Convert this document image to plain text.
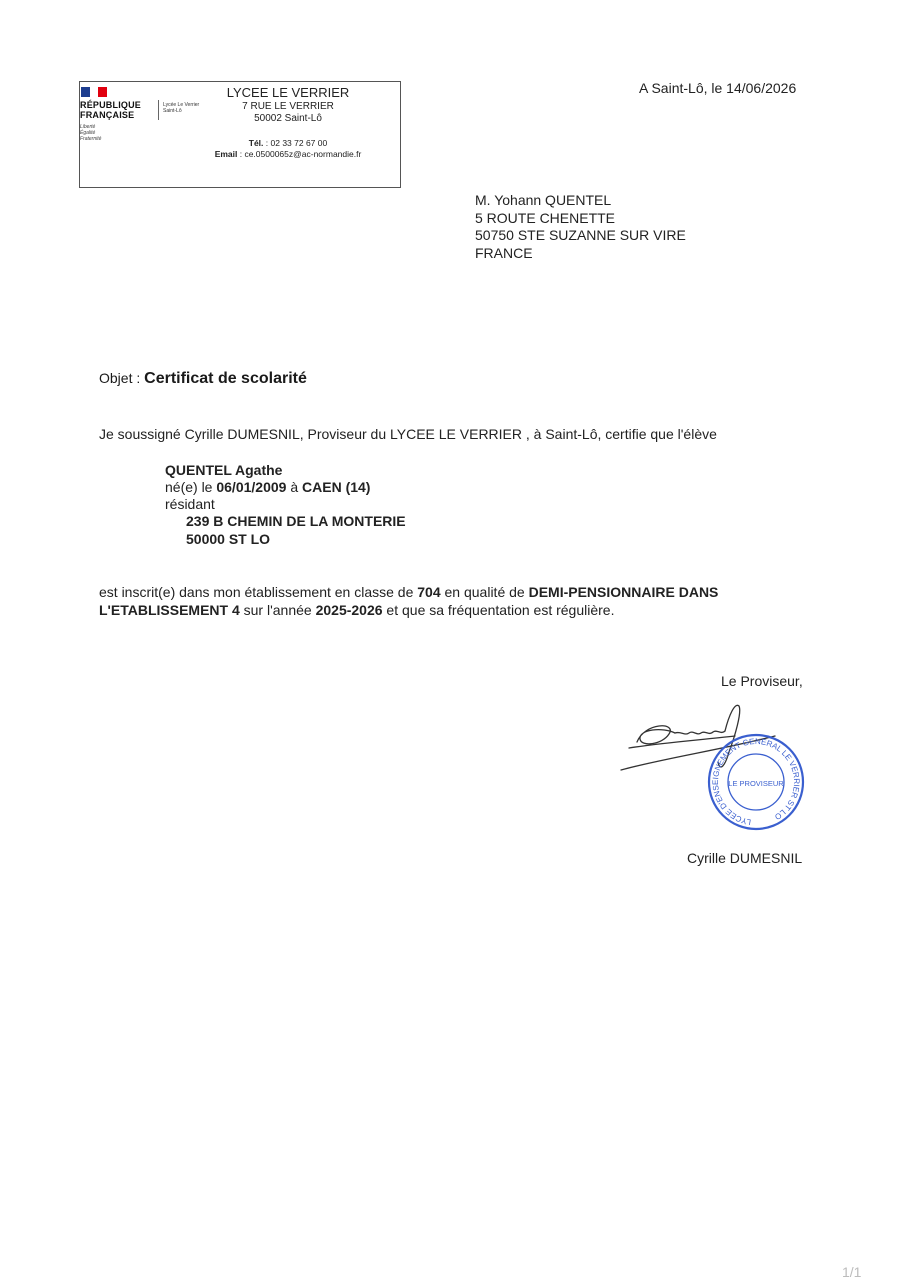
RÉPUBLIQUE
FRANÇAISE
Liberté
Égalité
Fraternité
Lycée Le Verrier
Saint-Lô
LYCEE LE VERRIER
7 RUE LE VERRIER
50002 Saint-Lô
Tél. : 02 33 72 67 00
Email : ce.0500065z@ac-normandie.fr
A Saint-Lô, le 14/06/2026
M. Yohann QUENTEL
5 ROUTE CHENETTE
50750 STE SUZANNE SUR VIRE
FRANCE
Objet : Certificat de scolarité
Je soussigné Cyrille DUMESNIL, Proviseur du LYCEE LE VERRIER , à Saint-Lô, certifie que l'élève
QUENTEL Agathe
né(e) le 06/01/2009 à CAEN (14)
résidant
239 B CHEMIN DE LA MONTERIE
50000 ST LO
est inscrit(e) dans mon établissement en classe de 704 en qualité de DEMI-PENSIONNAIRE DANS
L'ETABLISSEMENT 4 sur l'année 2025-2026 et que sa fréquentation est régulière.
Le Proviseur,
LYCEE D'ENSEIGNEMENT GENERAL LE VERRIER ST LO
LE PROVISEUR
Cyrille DUMESNIL
1/1
